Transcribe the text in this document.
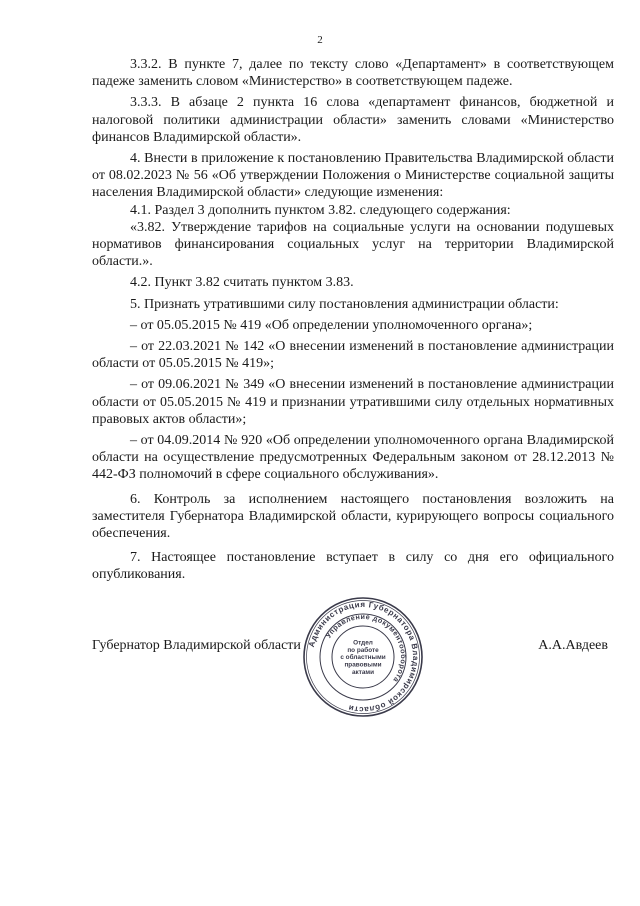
2

3.3.2. В пункте 7, далее по тексту слово «Департамент» в соответствующем падеже заменить словом «Министерство» в соответствующем падеже.

3.3.3. В абзаце 2 пункта 16 слова «департамент финансов, бюджетной и налоговой политики администрации области» заменить словами «Министерство финансов Владимирской области».

4. Внести в приложение к постановлению Правительства Владимирской области от 08.02.2023 № 56 «Об утверждении Положения о Министерстве социальной защиты населения Владимирской области» следующие изменения:

4.1. Раздел 3 дополнить пунктом 3.82. следующего содержания:

«3.82. Утверждение тарифов на социальные услуги на основании подушевых нормативов финансирования социальных услуг на территории Владимирской области.».

4.2. Пункт 3.82 считать пунктом 3.83.

5. Признать утратившими силу постановления администрации области:

– от 05.05.2015 № 419 «Об определении уполномоченного органа»;

– от 22.03.2021 № 142 «О внесении изменений в постановление администрации области от 05.05.2015 № 419»;

– от 09.06.2021 № 349 «О внесении изменений в постановление администрации области от 05.05.2015 № 419 и признании утратившими силу отдельных нормативных правовых актов области»;

– от 04.09.2014 № 920 «Об определении уполномоченного органа Владимирской области на осуществление предусмотренных Федеральным законом от 28.12.2013 № 442-ФЗ полномочий в сфере социального обслуживания».

6. Контроль за исполнением настоящего постановления возложить на заместителя Губернатора Владимирской области, курирующего вопросы социального обеспечения.

7. Настоящее постановление вступает в силу со дня его официального опубликования.

Губернатор Владимирской области	А.А.Авдеев
Администрация Губернатора Владимирской области
Управление документооборота
Отдел
по работе
с областными
правовыми
актами
